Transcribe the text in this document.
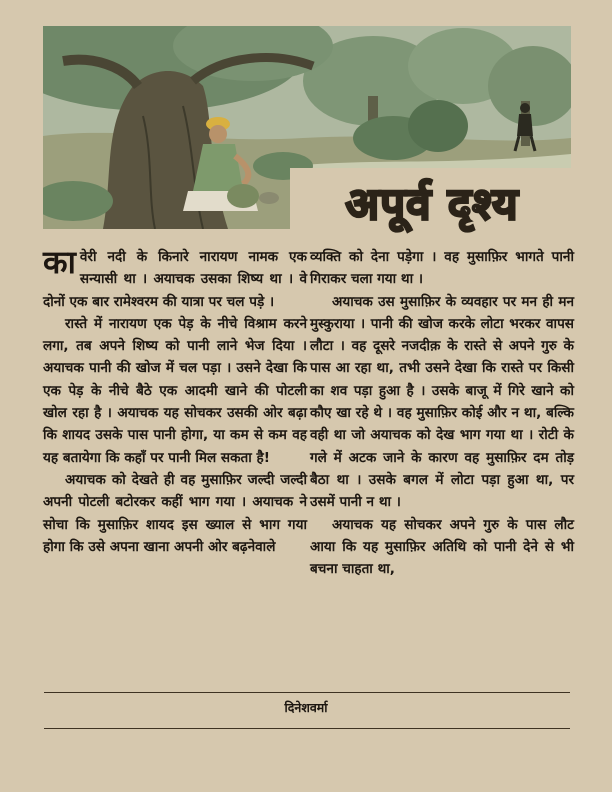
अपूर्व दृश्य

कावेरी नदी के किनारे नारायण नामक एक सन्यासी था । अयाचक उसका शिष्य था । वे दोनों एक बार रामेश्वरम की यात्रा पर चल पड़े ।

रास्ते में नारायण एक पेड़ के नीचे विश्राम करने लगा, तब अपने शिष्य को पानी लाने भेज दिया । अयाचक पानी की खोज में चल पड़ा । उसने देखा कि एक पेड़ के नीचे बैठे एक आदमी खाने की पोटली खोल रहा है । अयाचक यह सोचकर उसकी ओर बढ़ा कि शायद उसके पास पानी होगा, या कम से कम वह यह बतायेगा कि कहाँ पर पानी मिल सकता है!

अयाचक को देखते ही वह मुसाफ़िर जल्दी जल्दी अपनी पोटली बटोरकर कहीं भाग गया । अयाचक ने सोचा कि मुसाफ़िर शायद इस ख्याल से भाग गया होगा कि उसे अपना खाना अपनी ओर बढ़नेवाले

व्यक्ति को देना पड़ेगा । वह मुसाफ़िर भागते पानी गिराकर चला गया था ।

अयाचक उस मुसाफ़िर के व्यवहार पर मन ही मन मुस्कुराया । पानी की खोज करके लोटा भरकर वापस लौटा । वह दूसरे नजदीक़ के रास्ते से अपने गुरु के पास आ रहा था, तभी उसने देखा कि रास्ते पर किसी का शव पड़ा हुआ है । उसके बाजू में गिरे खाने को कौए खा रहे थे । वह मुसाफ़िर कोई और न था, बल्कि वही था जो अयाचक को देख भाग गया था । रोटी के गले में अटक जाने के कारण वह मुसाफ़िर दम तोड़ बैठा था । उसके बगल में लोटा पड़ा हुआ था, पर उसमें पानी न था ।

अयाचक यह सोचकर अपने गुरु के पास लौट आया कि यह मुसाफ़िर अतिथि को पानी देने से भी बचना चाहता था,

दिनेशवर्मा
